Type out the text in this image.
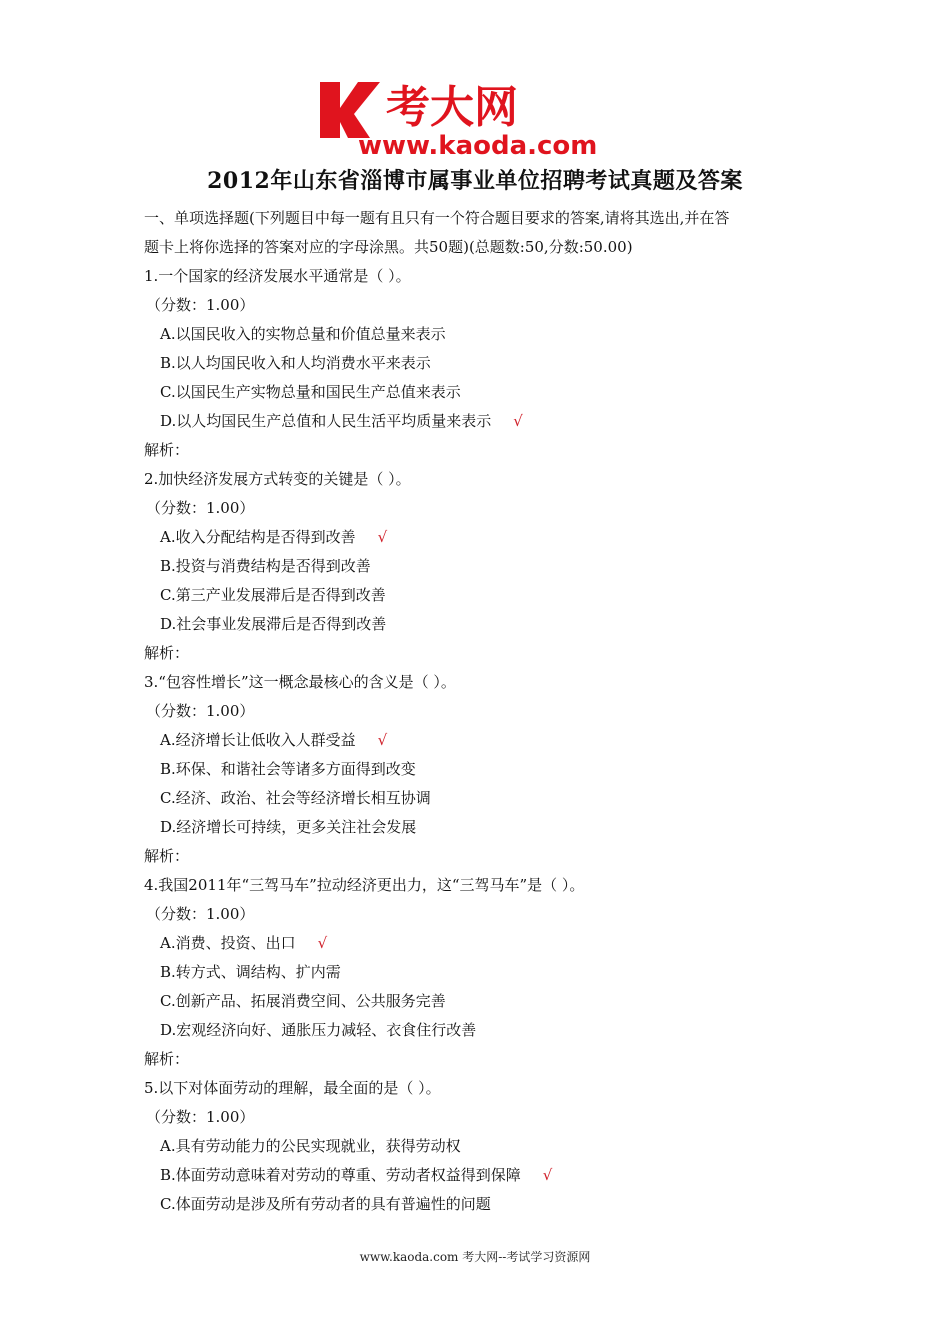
考大网
www.kaoda.com
2012年山东省淄博市属事业单位招聘考试真题及答案
一、单项选择题(下列题目中每一题有且只有一个符合题目要求的答案,请将其选出,并在答
题卡上将你选择的答案对应的字母涂黑。共50题)(总题数:50,分数:50.00)
1.一个国家的经济发展水平通常是（ ）。
（分数：1.00）
A.以国民收入的实物总量和价值总量来表示
B.以人均国民收入和人均消费水平来表示
C.以国民生产实物总量和国民生产总值来表示
D.以人均国民生产总值和人民生活平均质量来表示 √
解析：
2.加快经济发展方式转变的关键是（ ）。
（分数：1.00）
A.收入分配结构是否得到改善 √
B.投资与消费结构是否得到改善
C.第三产业发展滞后是否得到改善
D.社会事业发展滞后是否得到改善
解析：
3.“包容性增长”这一概念最核心的含义是（ ）。
（分数：1.00）
A.经济增长让低收入人群受益 √
B.环保、和谐社会等诸多方面得到改变
C.经济、政治、社会等经济增长相互协调
D.经济增长可持续，更多关注社会发展
解析：
4.我国2011年“三驾马车”拉动经济更出力，这“三驾马车”是（ ）。
（分数：1.00）
A.消费、投资、出口 √
B.转方式、调结构、扩内需
C.创新产品、拓展消费空间、公共服务完善
D.宏观经济向好、通胀压力减轻、衣食住行改善
解析：
5.以下对体面劳动的理解，最全面的是（ ）。
（分数：1.00）
A.具有劳动能力的公民实现就业，获得劳动权
B.体面劳动意味着对劳动的尊重、劳动者权益得到保障 √
C.体面劳动是涉及所有劳动者的具有普遍性的问题
www.kaoda.com 考大网--考试学习资源网
